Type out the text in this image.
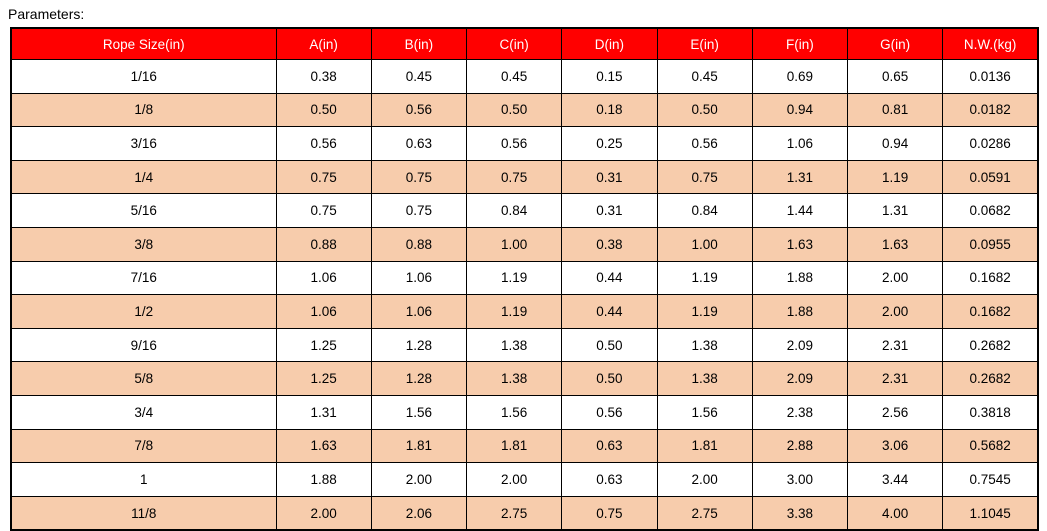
Parameters:
Rope Size(in)	A(in)	B(in)	C(in)	D(in)	E(in)	F(in)	G(in)	N.W.(kg)
1/16	0.38	0.45	0.45	0.15	0.45	0.69	0.65	0.0136
1/8	0.50	0.56	0.50	0.18	0.50	0.94	0.81	0.0182
3/16	0.56	0.63	0.56	0.25	0.56	1.06	0.94	0.0286
1/4	0.75	0.75	0.75	0.31	0.75	1.31	1.19	0.0591
5/16	0.75	0.75	0.84	0.31	0.84	1.44	1.31	0.0682
3/8	0.88	0.88	1.00	0.38	1.00	1.63	1.63	0.0955
7/16	1.06	1.06	1.19	0.44	1.19	1.88	2.00	0.1682
1/2	1.06	1.06	1.19	0.44	1.19	1.88	2.00	0.1682
9/16	1.25	1.28	1.38	0.50	1.38	2.09	2.31	0.2682
5/8	1.25	1.28	1.38	0.50	1.38	2.09	2.31	0.2682
3/4	1.31	1.56	1.56	0.56	1.56	2.38	2.56	0.3818
7/8	1.63	1.81	1.81	0.63	1.81	2.88	3.06	0.5682
1	1.88	2.00	2.00	0.63	2.00	3.00	3.44	0.7545
11/8	2.00	2.06	2.75	0.75	2.75	3.38	4.00	1.1045
